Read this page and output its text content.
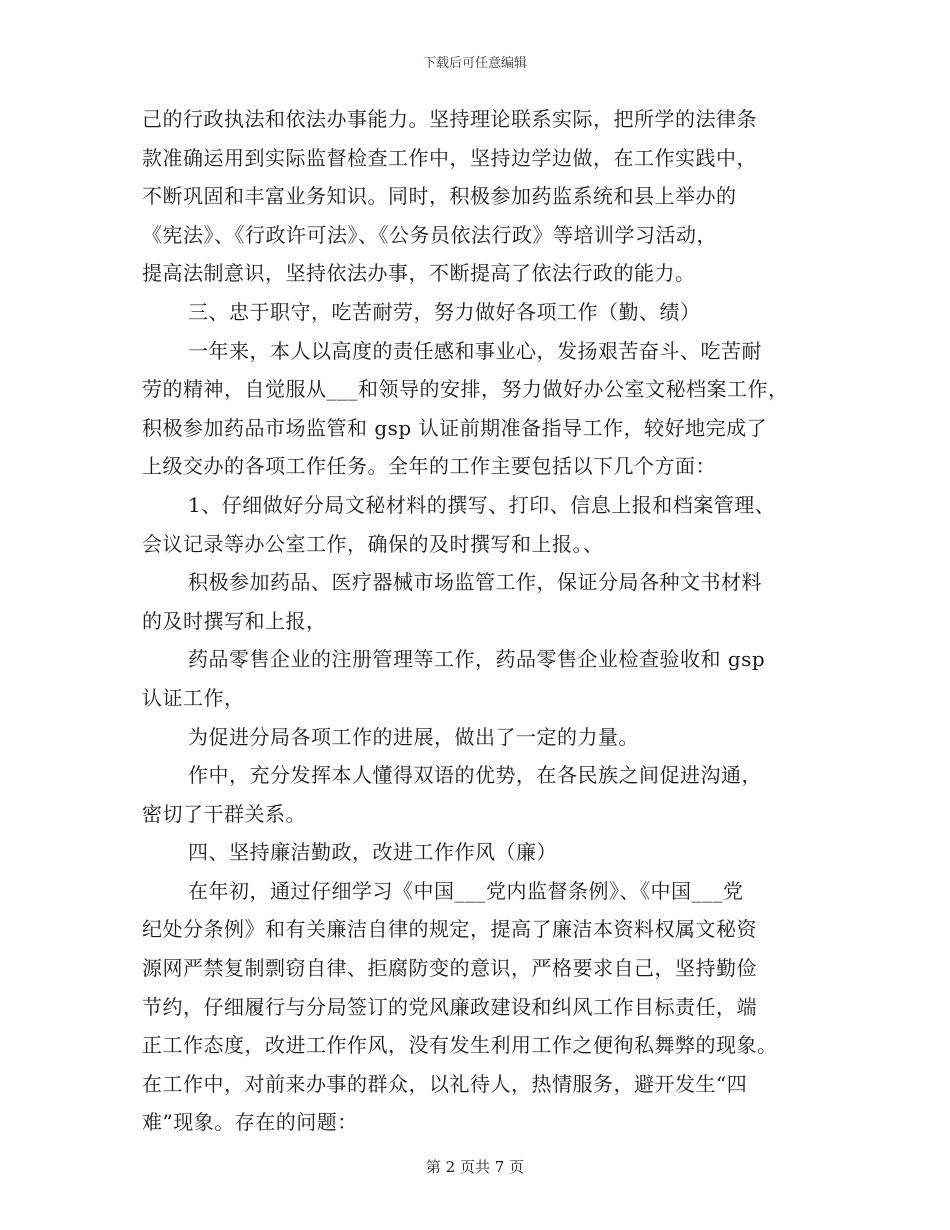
下载后可任意编辑
己的行政执法和依法办事能力。坚持理论联系实际，把所学的法律条
款准确运用到实际监督检查工作中，坚持边学边做，在工作实践中，
不断巩固和丰富业务知识。同时，积极参加药监系统和县上举办的
《宪法》、《行政许可法》、《公务员依法行政》等培训学习活动，
提高法制意识，坚持依法办事，不断提高了依法行政的能力。
三、忠于职守，吃苦耐劳，努力做好各项工作（勤、绩）
一年来，本人以高度的责任感和事业心，发扬艰苦奋斗、吃苦耐
劳的精神，自觉服从___和领导的安排，努力做好办公室文秘档案工作，
积极参加药品市场监管和 gsp 认证前期准备指导工作，较好地完成了
上级交办的各项工作任务。全年的工作主要包括以下几个方面：
1、仔细做好分局文秘材料的撰写、打印、信息上报和档案管理、
会议记录等办公室工作，确保的及时撰写和上报。、
积极参加药品、医疗器械市场监管工作，保证分局各种文书材料
的及时撰写和上报，
药品零售企业的注册管理等工作，药品零售企业检查验收和 gsp
认证工作，
为促进分局各项工作的进展，做出了一定的力量。
作中，充分发挥本人懂得双语的优势，在各民族之间促进沟通，
密切了干群关系。
四、坚持廉洁勤政，改进工作作风（廉）
在年初，通过仔细学习《中国___党内监督条例》、《中国___党
纪处分条例》和有关廉洁自律的规定，提高了廉洁本资料权属文秘资
源网严禁复制剽窃自律、拒腐防变的意识，严格要求自己，坚持勤俭
节约，仔细履行与分局签订的党风廉政建设和纠风工作目标责任，端
正工作态度，改进工作作风，没有发生利用工作之便徇私舞弊的现象。
在工作中，对前来办事的群众，以礼待人，热情服务，避开发生“四
难”现象。存在的问题：
第 2 页共 7 页
